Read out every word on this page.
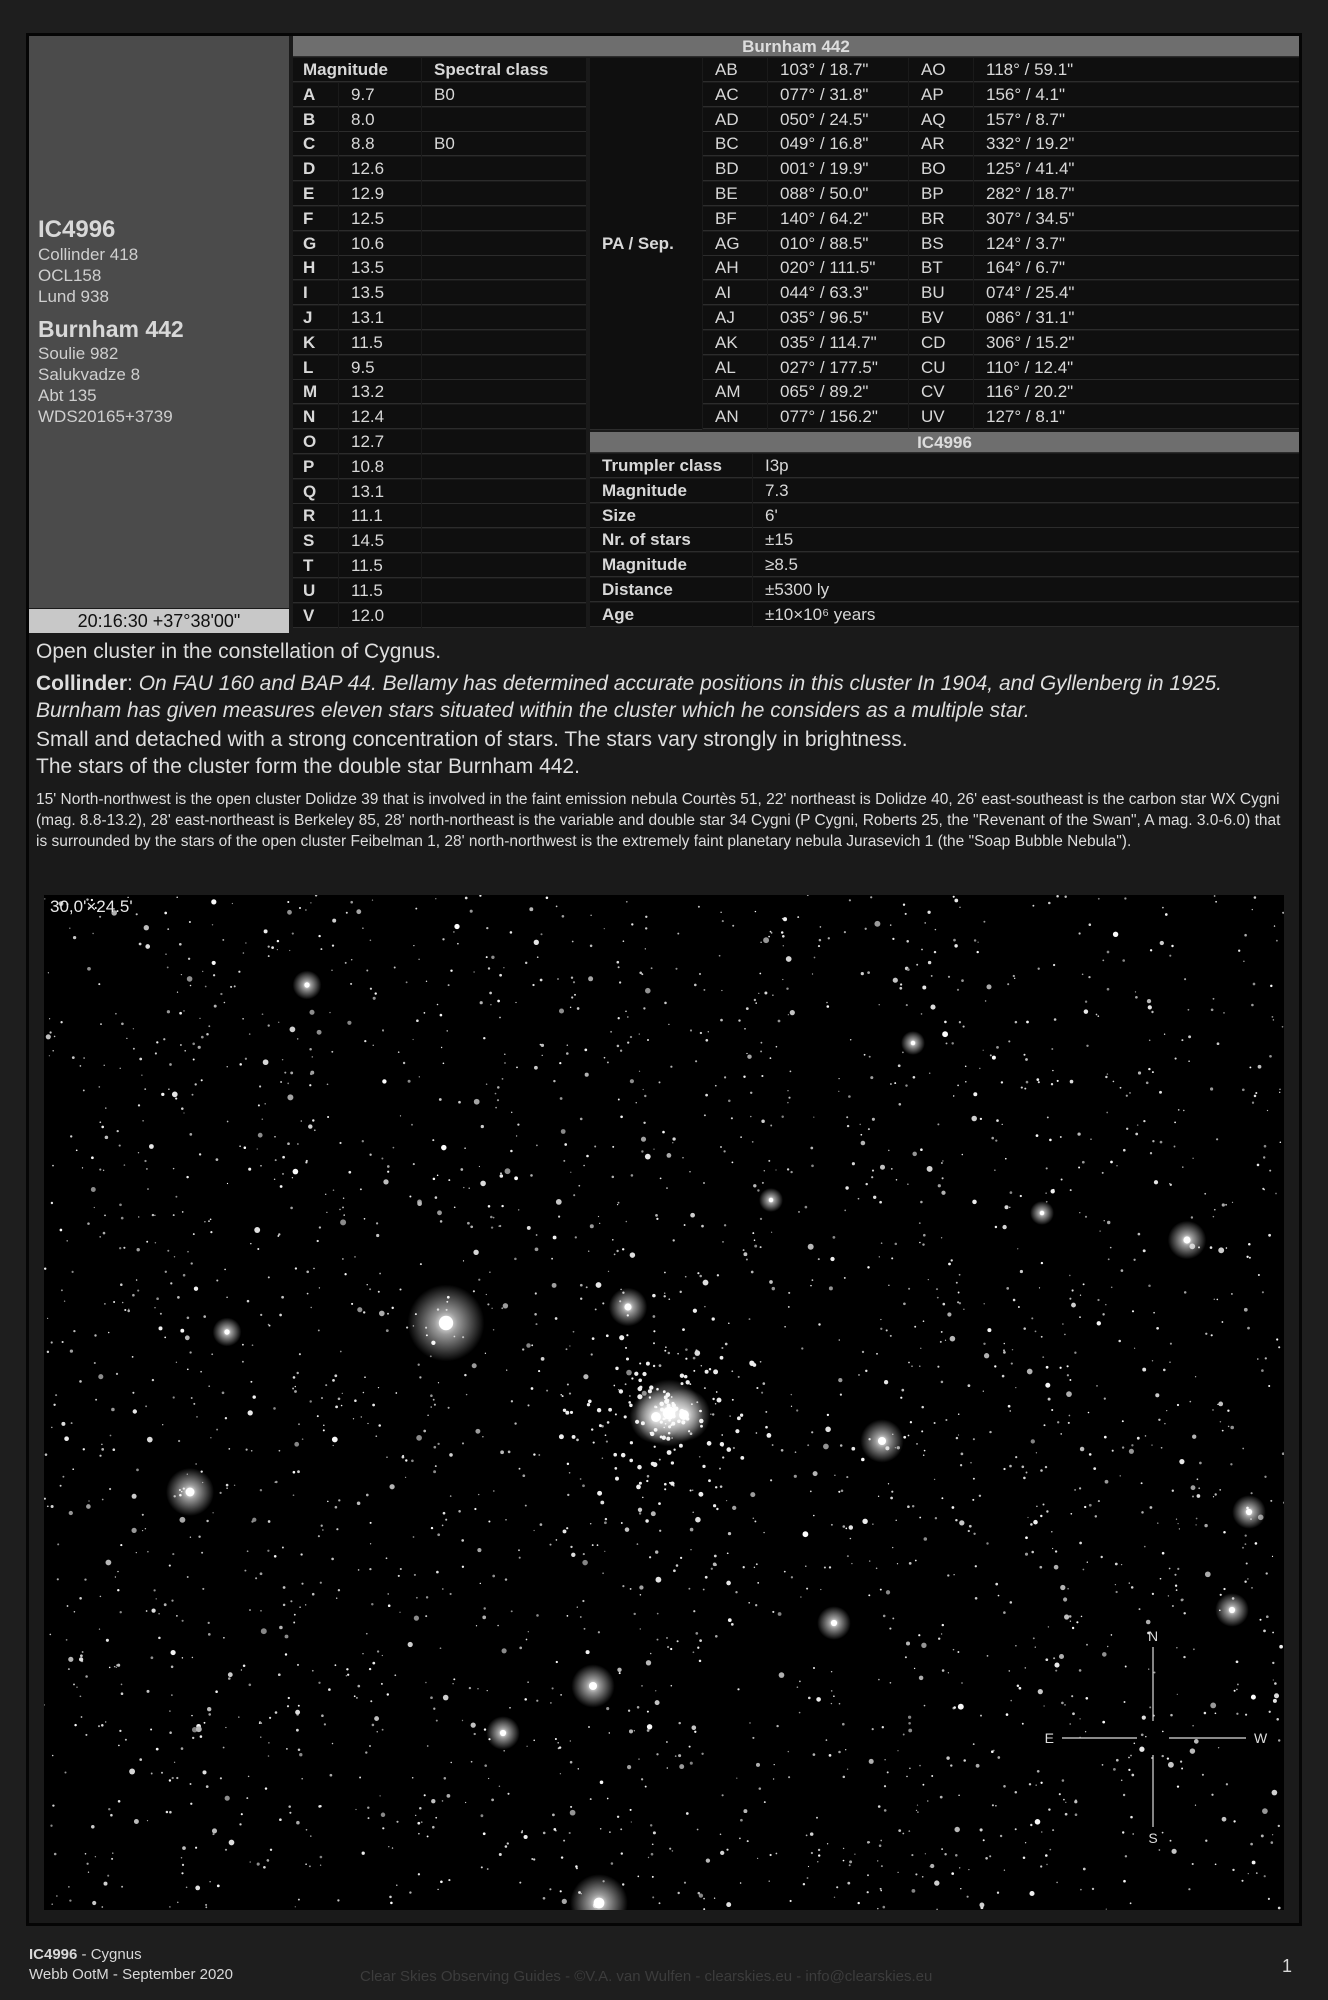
IC4996
Collinder 418
OCL158
Lund 938
Burnham 442
Soulie 982
Salukvadze 8
Abt 135
WDS20165+3739
20:16:30 +37°38'00"
Burnham 442
Magnitude	Spectral class
A	9.7	B0
B	8.0
C	8.8	B0
D	12.6
E	12.9
F	12.5
G	10.6
H	13.5
I	13.5
J	13.1
K	11.5
L	9.5
M	13.2
N	12.4
O	12.7
P	10.8
Q	13.1
R	11.1
S	14.5
T	11.5
U	11.5
V	12.0
PA / Sep.
AB	103° / 18.7"	AO	118° / 59.1"
AC	077° / 31.8"	AP	156° / 4.1"
AD	050° / 24.5"	AQ	157° / 8.7"
BC	049° / 16.8"	AR	332° / 19.2"
BD	001° / 19.9"	BO	125° / 41.4"
BE	088° / 50.0"	BP	282° / 18.7"
BF	140° / 64.2"	BR	307° / 34.5"
AG	010° / 88.5"	BS	124° / 3.7"
AH	020° / 111.5"	BT	164° / 6.7"
AI	044° / 63.3"	BU	074° / 25.4"
AJ	035° / 96.5"	BV	086° / 31.1"
AK	035° / 114.7"	CD	306° / 15.2"
AL	027° / 177.5"	CU	110° / 12.4"
AM	065° / 89.2"	CV	116° / 20.2"
AN	077° / 156.2"	UV	127° / 8.1"
IC4996
Trumpler class	I3p
Magnitude	7.3
Size	6'
Nr. of stars	±15
Magnitude	≥8.5
Distance	±5300 ly
Age	±10×10⁶ years
Open cluster in the constellation of Cygnus.
Collinder: On FAU 160 and BAP 44. Bellamy has determined accurate positions in this cluster In 1904, and Gyllenberg in 1925. Burnham has given measures eleven stars situated within the cluster which he considers as a multiple star.
Small and detached with a strong concentration of stars. The stars vary strongly in brightness.
The stars of the cluster form the double star Burnham 442.
15' North-northwest is the open cluster Dolidze 39 that is involved in the faint emission nebula Courtès 51, 22' northeast is Dolidze 40, 26' east-southeast is the carbon star WX Cygni (mag. 8.8-13.2), 28' east-northeast is Berkeley 85, 28' north-northeast is the variable and double star 34 Cygni (P Cygni, Roberts 25, the "Revenant of the Swan", A mag. 3.0-6.0) that is surrounded by the stars of the open cluster Feibelman 1, 28' north-northwest is the extremely faint planetary nebula Jurasevich 1 (the "Soap Bubble Nebula").
N
S
E	W
30,0'×24.5'
IC4996 - Cygnus
Webb OotM - September 2020	Clear Skies Observing Guides - ©V.A. van Wulfen - clearskies.eu - info@clearskies.eu
1
